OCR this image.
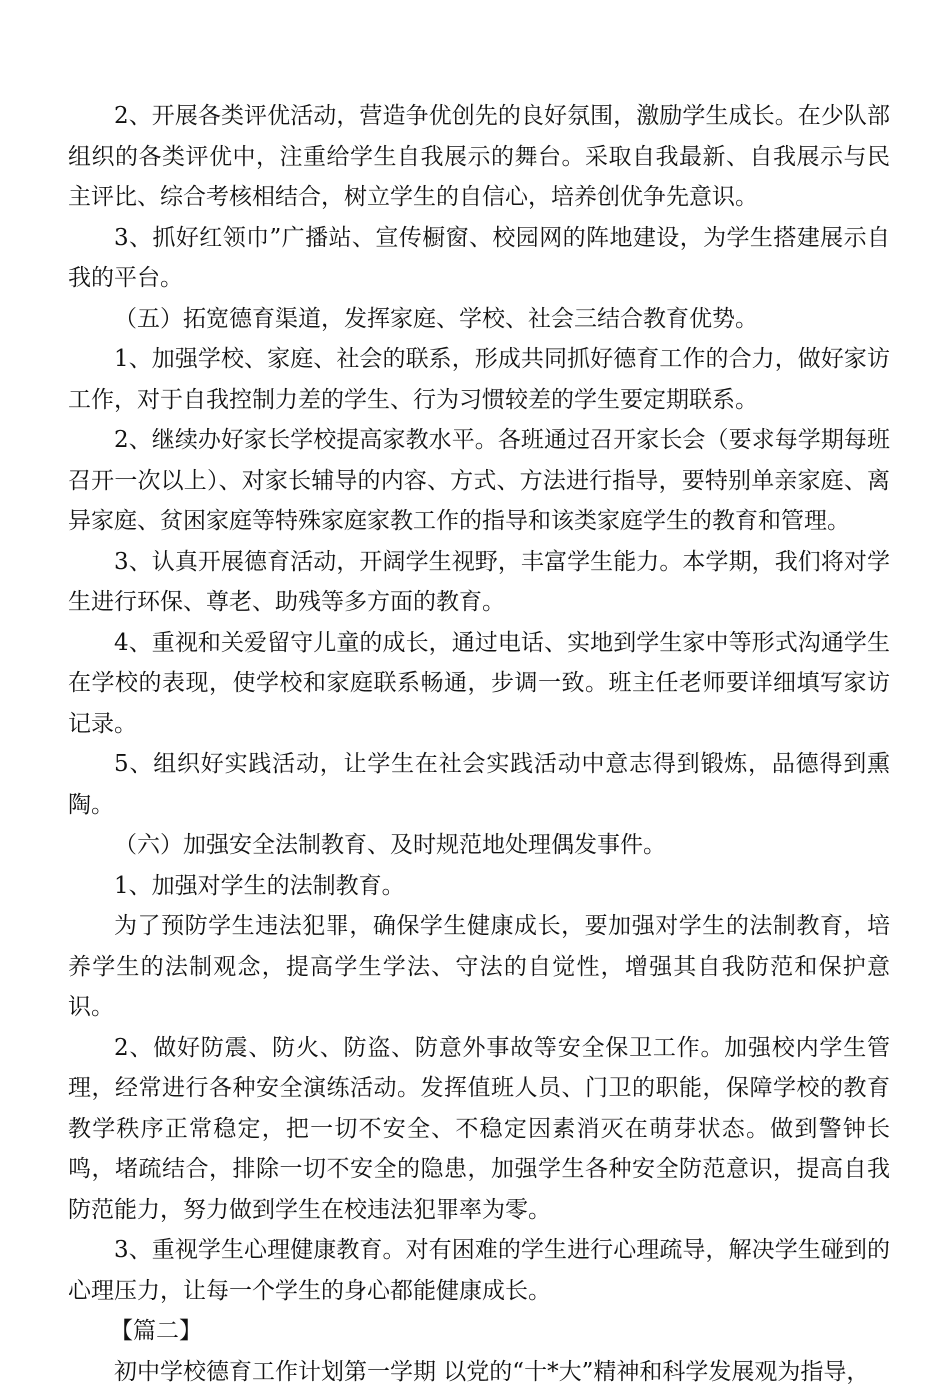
2、开展各类评优活动，营造争优创先的良好氛围，激励学生成长。在少队部组织的各类评优中，注重给学生自我展示的舞台。采取自我最新、自我展示与民主评比、综合考核相结合，树立学生的自信心，培养创优争先意识。

3、抓好红领巾”广播站、宣传橱窗、校园网的阵地建设，为学生搭建展示自我的平台。

（五）拓宽德育渠道，发挥家庭、学校、社会三结合教育优势。

1、加强学校、家庭、社会的联系，形成共同抓好德育工作的合力，做好家访工作，对于自我控制力差的学生、行为习惯较差的学生要定期联系。

2、继续办好家长学校提高家教水平。各班通过召开家长会（要求每学期每班召开一次以上）、对家长辅导的内容、方式、方法进行指导，要特别单亲家庭、离异家庭、贫困家庭等特殊家庭家教工作的指导和该类家庭学生的教育和管理。

3、认真开展德育活动，开阔学生视野，丰富学生能力。本学期，我们将对学生进行环保、尊老、助残等多方面的教育。

4、重视和关爱留守儿童的成长，通过电话、实地到学生家中等形式沟通学生在学校的表现，使学校和家庭联系畅通，步调一致。班主任老师要详细填写家访记录。

5、组织好实践活动，让学生在社会实践活动中意志得到锻炼，品德得到熏陶。

（六）加强安全法制教育、及时规范地处理偶发事件。

1、加强对学生的法制教育。

为了预防学生违法犯罪，确保学生健康成长，要加强对学生的法制教育，培养学生的法制观念，提高学生学法、守法的自觉性，增强其自我防范和保护意识。

2、做好防震、防火、防盗、防意外事故等安全保卫工作。加强校内学生管理，经常进行各种安全演练活动。发挥值班人员、门卫的职能，保障学校的教育教学秩序正常稳定，把一切不安全、不稳定因素消灭在萌芽状态。做到警钟长鸣，堵疏结合，排除一切不安全的隐患，加强学生各种安全防范意识，提高自我防范能力，努力做到学生在校违法犯罪率为零。

3、重视学生心理健康教育。对有困难的学生进行心理疏导，解决学生碰到的心理压力，让每一个学生的身心都能健康成长。

【篇二】

初中学校德育工作计划第一学期 以党的“十*大”精神和科学发展观为指导，
